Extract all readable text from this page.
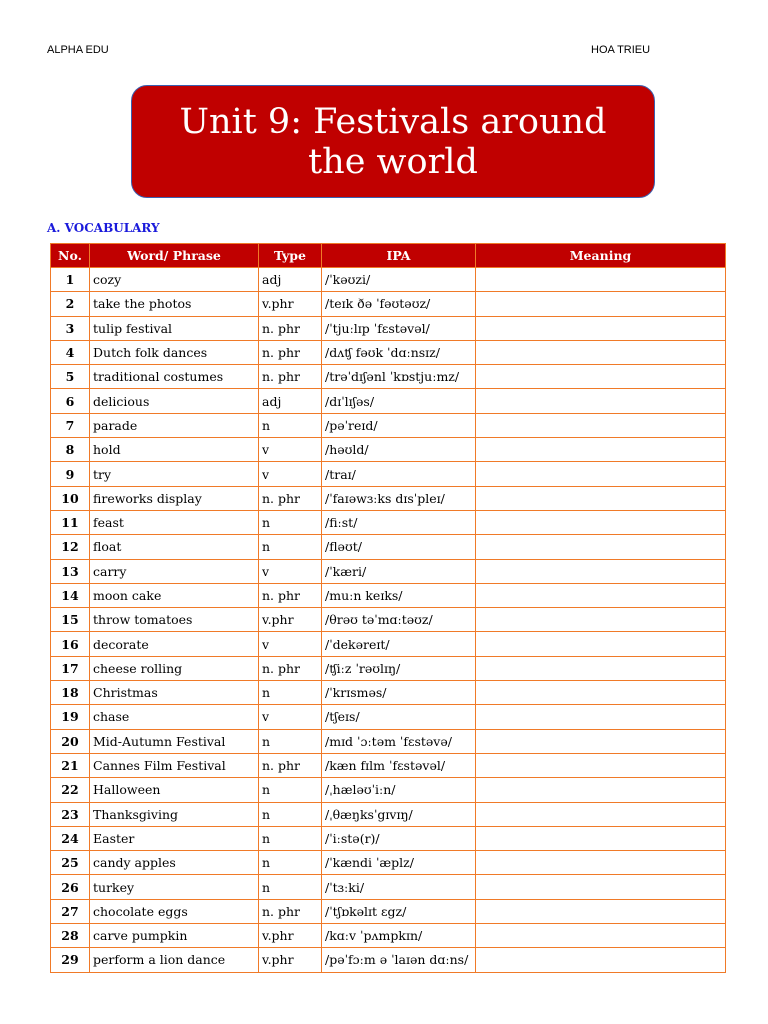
ALPHA EDU	HOA TRIEU
Unit 9: Festivals around the world
A. VOCABULARY
No.	Word/ Phrase	Type	IPA	Meaning
1	cozy	adj	/ˈkəʊzi/	
2	take the photos	v.phr	/teɪk ðə ˈfəʊtəʊz/	
3	tulip festival	n. phr	/ˈtjuːlɪp ˈfɛstəvəl/	
4	Dutch folk dances	n. phr	/dʌʧ fəʊk ˈdɑːnsɪz/	
5	traditional costumes	n. phr	/trəˈdɪʃənl ˈkɒstjuːmz/	
6	delicious	adj	/dɪˈlɪʃəs/	
7	parade	n	/pəˈreɪd/	
8	hold	v	/həʊld/	
9	try	v	/traɪ/	
10	fireworks display	n. phr	/ˈfaɪəwɜːks dɪsˈpleɪ/	
11	feast	n	/fiːst/	
12	float	n	/fləʊt/	
13	carry	v	/ˈkæri/	
14	moon cake	n. phr	/muːn keɪks/	
15	throw tomatoes	v.phr	/θrəʊ təˈmɑːtəʊz/	
16	decorate	v	/ˈdekəreɪt/	
17	cheese rolling	n. phr	/ʧiːz ˈrəʊlɪŋ/	
18	Christmas	n	/ˈkrɪsməs/	
19	chase	v	/tʃeɪs/	
20	Mid-Autumn Festival	n	/mɪd ˈɔːtəm ˈfɛstəvə/	
21	Cannes Film Festival	n. phr	/kæn fɪlm ˈfɛstəvəl/	
22	Halloween	n	/ˌhæləʊˈiːn/	
23	Thanksgiving	n	/ˌθæŋksˈgɪvɪŋ/	
24	Easter	n	/ˈiːstə(r)/	
25	candy apples	n	/ˈkændi ˈæplz/	
26	turkey	n	/ˈtɜːki/	
27	chocolate eggs	n. phr	/ˈtʃɒkəlɪt ɛgz/	
28	carve pumpkin	v.phr	/kɑːv ˈpʌmpkɪn/	
29	perform a lion dance	v.phr	/pəˈfɔːm ə ˈlaɪən dɑːns/	
